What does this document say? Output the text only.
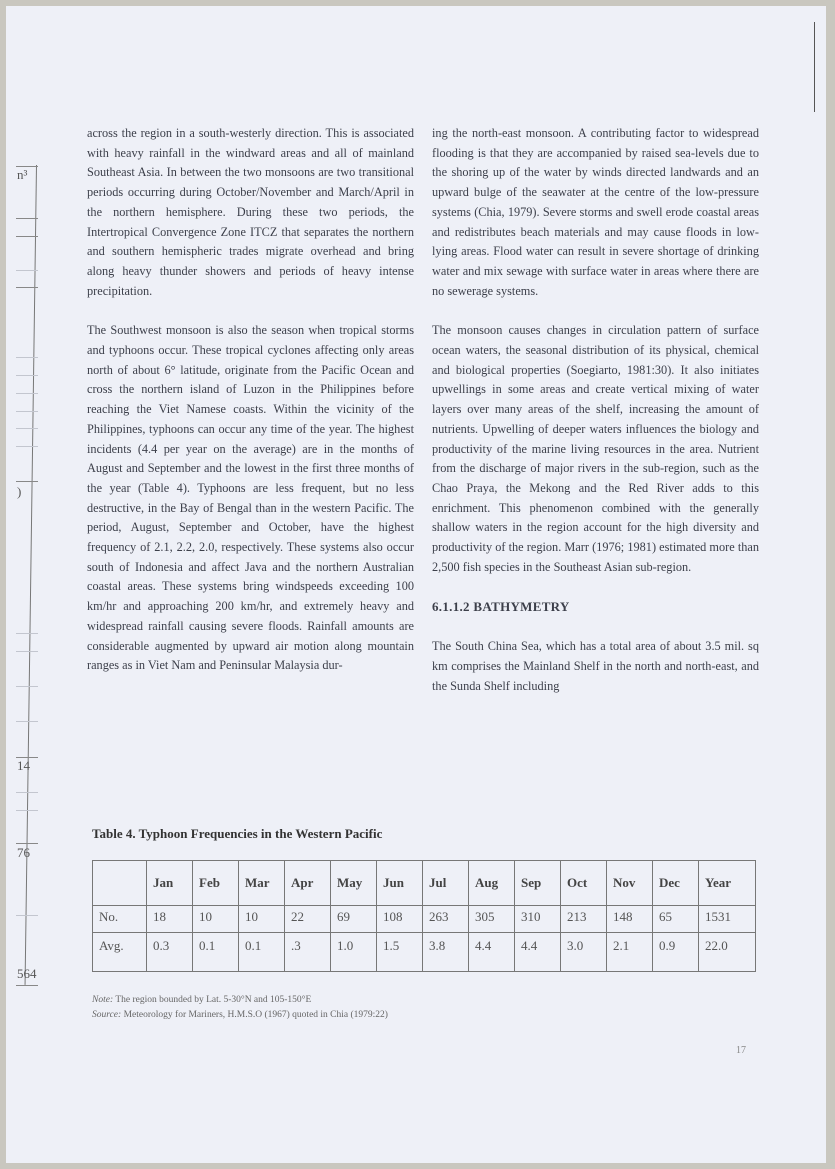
n³
)
14
76
564

across the region in a south-westerly direction. This is associated with heavy rainfall in the windward areas and all of mainland Southeast Asia. In between the two monsoons are two transitional periods occurring during October/November and March/April in the northern hemisphere. During these two periods, the Intertropical Convergence Zone ITCZ that separates the northern and southern hemispheric trades migrate overhead and bring along heavy thunder showers and periods of heavy intense precipitation.

The Southwest monsoon is also the season when tropical storms and typhoons occur. These tropical cyclones affecting only areas north of about 6° latitude, originate from the Pacific Ocean and cross the northern island of Luzon in the Philippines before reaching the Viet Namese coasts. Within the vicinity of the Philippines, typhoons can occur any time of the year. The highest incidents (4.4 per year on the average) are in the months of August and September and the lowest in the first three months of the year (Table 4). Typhoons are less frequent, but no less destructive, in the Bay of Bengal than in the western Pacific. The period, August, September and October, have the highest frequency of 2.1, 2.2, 2.0, respectively. These systems also occur south of Indonesia and affect Java and the northern Australian coastal areas. These systems bring windspeeds exceeding 100 km/hr and approaching 200 km/hr, and extremely heavy and widespread rainfall causing severe floods. Rainfall amounts are considerable augmented by upward air motion along mountain ranges as in Viet Nam and Peninsular Malaysia dur-

ing the north-east monsoon. A contributing factor to widespread flooding is that they are accompanied by raised sea-levels due to the shoring up of the water by winds directed landwards and an upward bulge of the seawater at the centre of the low-pressure systems (Chia, 1979). Severe storms and swell erode coastal areas and redistributes beach materials and may cause floods in low-lying areas. Flood water can result in severe shortage of drinking water and mix sewage with surface water in areas where there are no sewerage systems.

The monsoon causes changes in circulation pattern of surface ocean waters, the seasonal distribution of its physical, chemical and biological properties (Soegiarto, 1981:30). It also initiates upwellings in some areas and create vertical mixing of water layers over many areas of the shelf, increasing the amount of nutrients. Upwelling of deeper waters influences the biology and productivity of the marine living resources in the area. Nutrient from the discharge of major rivers in the sub-region, such as the Chao Praya, the Mekong and the Red River adds to this enrichment. This phenomenon combined with the generally shallow waters in the region account for the high diversity and productivity of the region. Marr (1976; 1981) estimated more than 2,500 fish species in the Southeast Asian sub-region.

6.1.1.2 BATHYMETRY

The South China Sea, which has a total area of about 3.5 mil. sq km comprises the Mainland Shelf in the north and north-east, and the Sunda Shelf including

Table 4. Typhoon Frequencies in the Western Pacific
	Jan	Feb	Mar	Apr	May	Jun	Jul	Aug	Sep	Oct	Nov	Dec	Year
No.	18	10	10	22	69	108	263	305	310	213	148	65	1531
Avg.	0.3	0.1	0.1	.3	1.0	1.5	3.8	4.4	4.4	3.0	2.1	0.9	22.0
Note: The region bounded by Lat. 5-30°N and 105-150°E
Source: Meteorology for Mariners, H.M.S.O (1967) quoted in Chia (1979:22)
17
